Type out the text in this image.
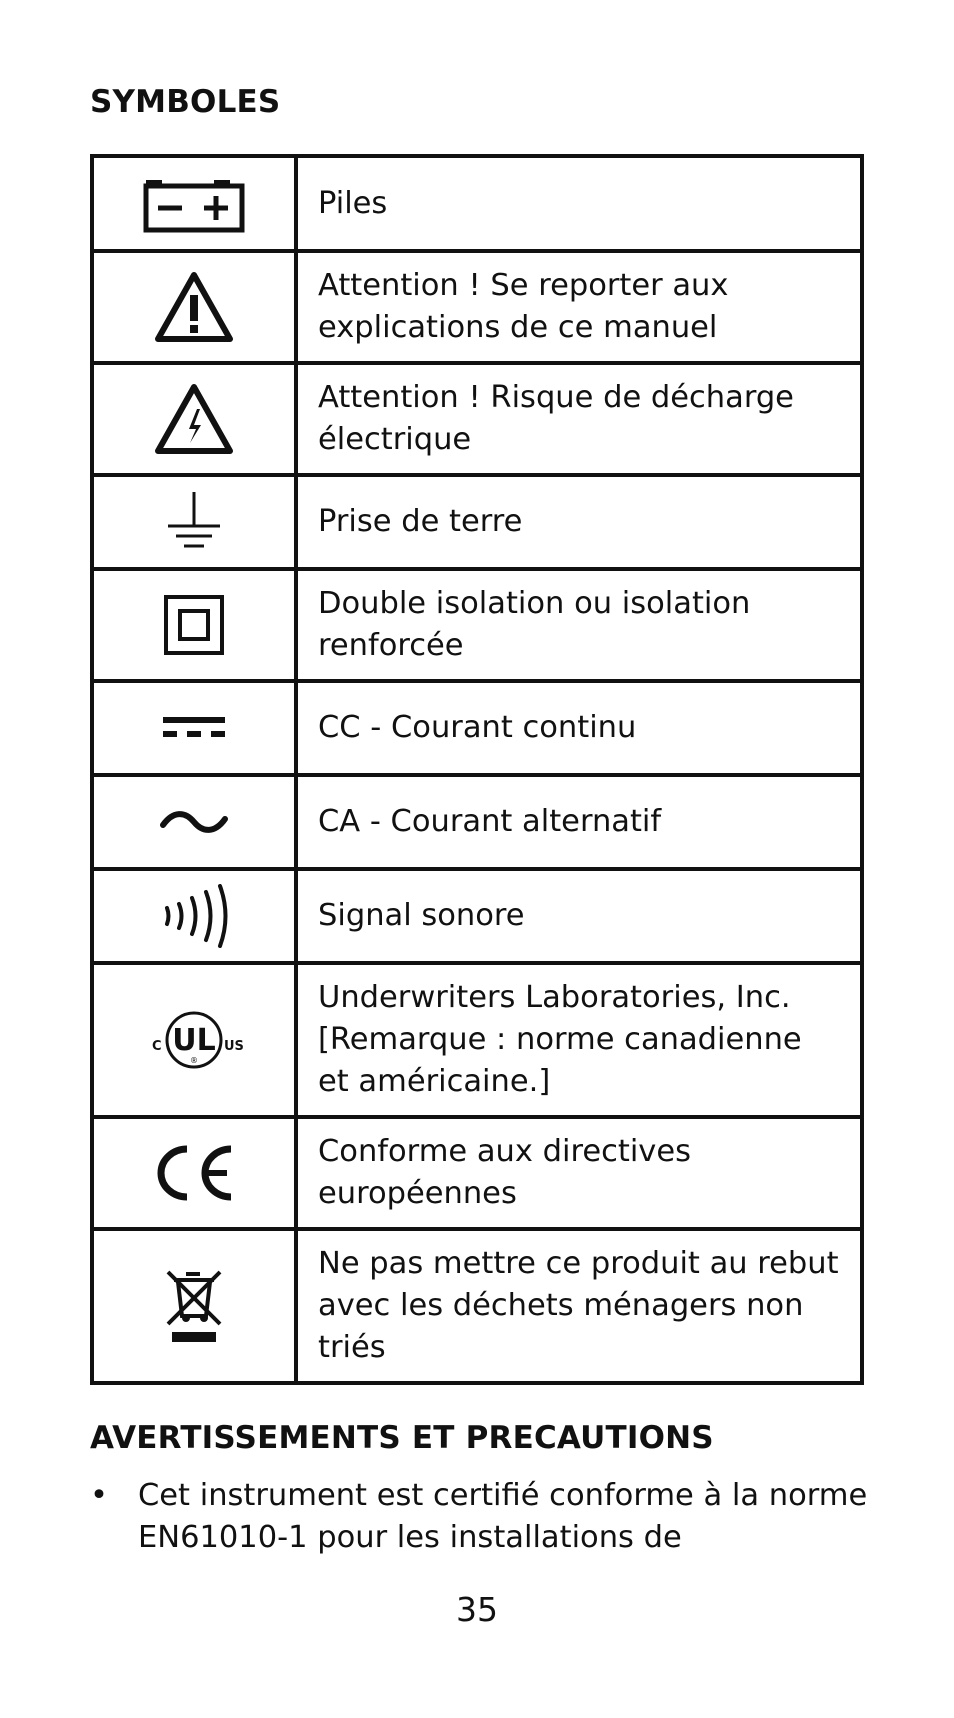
SYMBOLES
	Piles

	Attention ! Se reporter aux explications de ce manuel

	Attention ! Risque de décharge électrique

	Prise de terre

	Double isolation ou isolation renforcée

	CC - Courant continu

	CA - Courant alternatif

	Signal sonore

C UL
®
US	Underwriters Laboratories, Inc. [Remarque : norme canadienne et américaine.]

	Conforme aux directives européennes

	Ne pas mettre ce produit au rebut avec les déchets ménagers non triés
AVERTISSEMENTS ET PRECAUTIONS
• Cet instrument est certifié conforme à la norme EN61010-1 pour les installations de
35
